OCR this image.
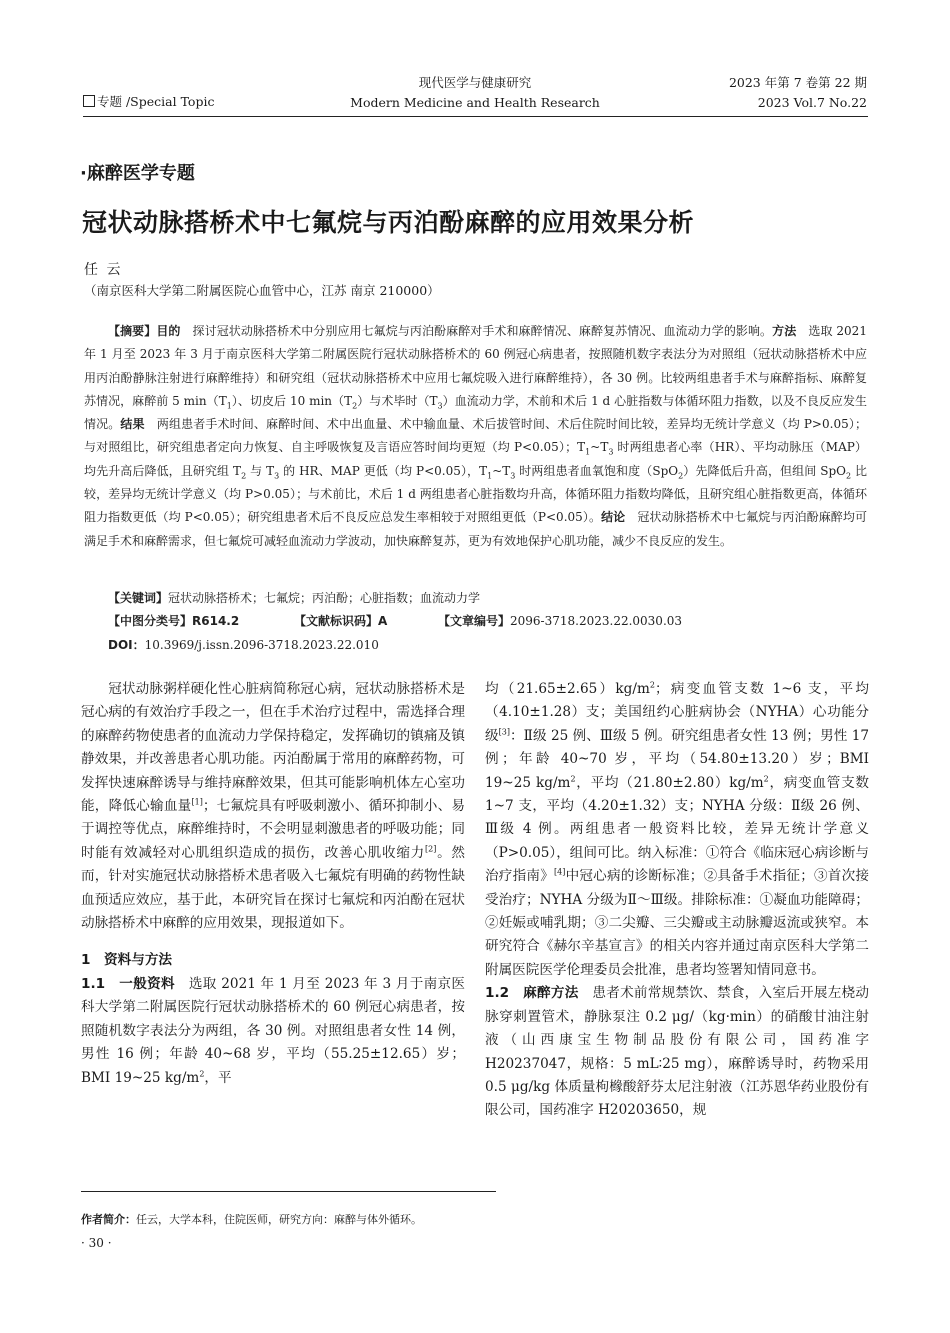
专题 /Special Topic
现代医学与健康研究
Modern Medicine and Health Research
2023 年第 7 卷第 22 期
2023 Vol.7 No.22
·麻醉医学专题
冠状动脉搭桥术中七氟烷与丙泊酚麻醉的应用效果分析
任 云
（南京医科大学第二附属医院心血管中心，江苏 南京 210000）

【摘要】目的　 探讨冠状动脉搭桥术中分别应用七氟烷与丙泊酚麻醉对手术和麻醉情况、麻醉复苏情况、血流动力学的影响。方法　 选取 2021 年 1 月至 2023 年 3 月于南京医科大学第二附属医院行冠状动脉搭桥术的 60 例冠心病患者，按照随机数字表法分为对照组（冠状动脉搭桥术中应用丙泊酚静脉注射进行麻醉维持）和研究组（冠状动脉搭桥术中应用七氟烷吸入进行麻醉维持），各 30 例。比较两组患者手术与麻醉指标、麻醉复苏情况，麻醉前 5 $\min(T_1)$、切皮后 10 $\min(T_2)$与术毕时$(T_3)$血流动力学，术前和术后 1 d 心脏指数与体循环阻力指数，以及不良反应发生情况。结果　 两组患者手术时间、麻醉时间、术中出血量、术中输血量、术后拔管时间、术后住院时间比较，差异均无统计学意义（均 P>0.05）；与对照组比，研究组患者定向力恢复、自主呼吸恢复及言语应答时间均更短（均 P<0.05）；$T_1\sim T_3$ 时两组患者心率（HR）、平均动脉压（MAP）均先升高后降低，且研究组 $T_2$ 与 $T_3$ 的 HR、MAP 更低（均 P<0.05），$T_1\sim T_3$ 时两组患者血氧饱和度（SpO$_2$）先降低后升高，但组间 SpO$_2$ 比较，差异均无统计学意义（均 P>0.05）；与术前比，术后 1 d 两组患者心脏指数均升高，体循环阻力指数均降低，且研究组心脏指数更高，体循环阻力指数更低（均 P<0.05）；研究组患者术后不良反应总发生率相较于对照组更低（P<0.05）。结论　 冠状动脉搭桥术中七氟烷与丙泊酚麻醉均可满足手术和麻醉需求，但七氟烷可减轻血流动力学波动，加快麻醉复苏，更为有效地保护心肌功能，减少不良反应的发生。

【关键词】冠状动脉搭桥术；七氟烷；丙泊酚；心脏指数；血流动力学
【中图分类号】R614.2	【文献标识码】A	【文章编号】2096-3718.2023.22.0030.03
DOI：10.3969/j.issn.2096-3718.2023.22.010

冠状动脉粥样硬化性心脏病简称冠心病，冠状动脉搭桥术是冠心病的有效治疗手段之一，但在手术治疗过程中，需选择合理的麻醉药物使患者的血流动力学保持稳定，发挥确切的镇痛及镇静效果，并改善患者心肌功能。丙泊酚属于常用的麻醉药物，可发挥快速麻醉诱导与维持麻醉效果，但其可能影响机体左心室功能，降低心输血量[1]；七氟烷具有呼吸刺激小、循环抑制小、易于调控等优点，麻醉维持时，不会明显刺激患者的呼吸功能；同时能有效减轻对心肌组织造成的损伤，改善心肌收缩力[2]。然而，针对实施冠状动脉搭桥术患者吸入七氟烷有明确的药物性缺血预适应效应，基于此，本研究旨在探讨七氟烷和丙泊酚在冠状动脉搭桥术中麻醉的应用效果，现报道如下。

1　资料与方法

1.1　一般资料　 选取 2021 年 1 月至 2023 年 3 月于南京医科大学第二附属医院行冠状动脉搭桥术的 60 例冠心病患者，按照随机数字表法分为两组，各 30 例。对照组患者女性 14 例，男性 16 例；年龄 40~68 岁，平均（55.25±12.65）岁；BMI 19~25 $kg/m^2$，平

均$(21.65\pm 2.65)kg/m^2$；病变血管支数 1~6 支，平均（4.10±1.28）支；美国纽约心脏病协会（NYHA）心功能分级[3]：Ⅱ级 25 例、Ⅲ级 5 例。研究组患者女性 13 例；男性 17 例；年龄 40~70 岁，平均（54.80±13.20）岁；BMI 19~25 $kg/m^2$，平均$(21.80\pm 2.80)kg/m^2$，病变血管支数 1~7 支，平均（4.20±1.32）支；NYHA 分级：Ⅱ级 26 例、Ⅲ级 4 例。两组患者一般资料比较，差异无统计学意义（P>0.05），组间可比。纳入标准：①符合《临床冠心病诊断与治疗指南》[4]中冠心病的诊断标准；②具备手术指征；③首次接受治疗；NYHA 分级为Ⅱ～Ⅲ级。排除标准：①凝血功能障碍；②妊娠或哺乳期；③二尖瓣、三尖瓣或主动脉瓣返流或狭窄。本研究符合《赫尔辛基宣言》的相关内容并通过南京医科大学第二附属医院医学伦理委员会批准，患者均签署知情同意书。

1.2　麻醉方法　 患者术前常规禁饮、禁食，入室后开展左桡动脉穿刺置管术，静脉泵注 0.2 μg/（kg·min）的硝酸甘油注射液（山西康宝生物制品股份有限公司，国药准字 H20237047，规格：5 mL∶25 mg），麻醉诱导时，药物采用 0.5 μg/kg 体质量枸橼酸舒芬太尼注射液（江苏恩华药业股份有限公司，国药准字 H20203650，规

作者简介：任云，大学本科，住院医师，研究方向：麻醉与体外循环。
· 30 ·
